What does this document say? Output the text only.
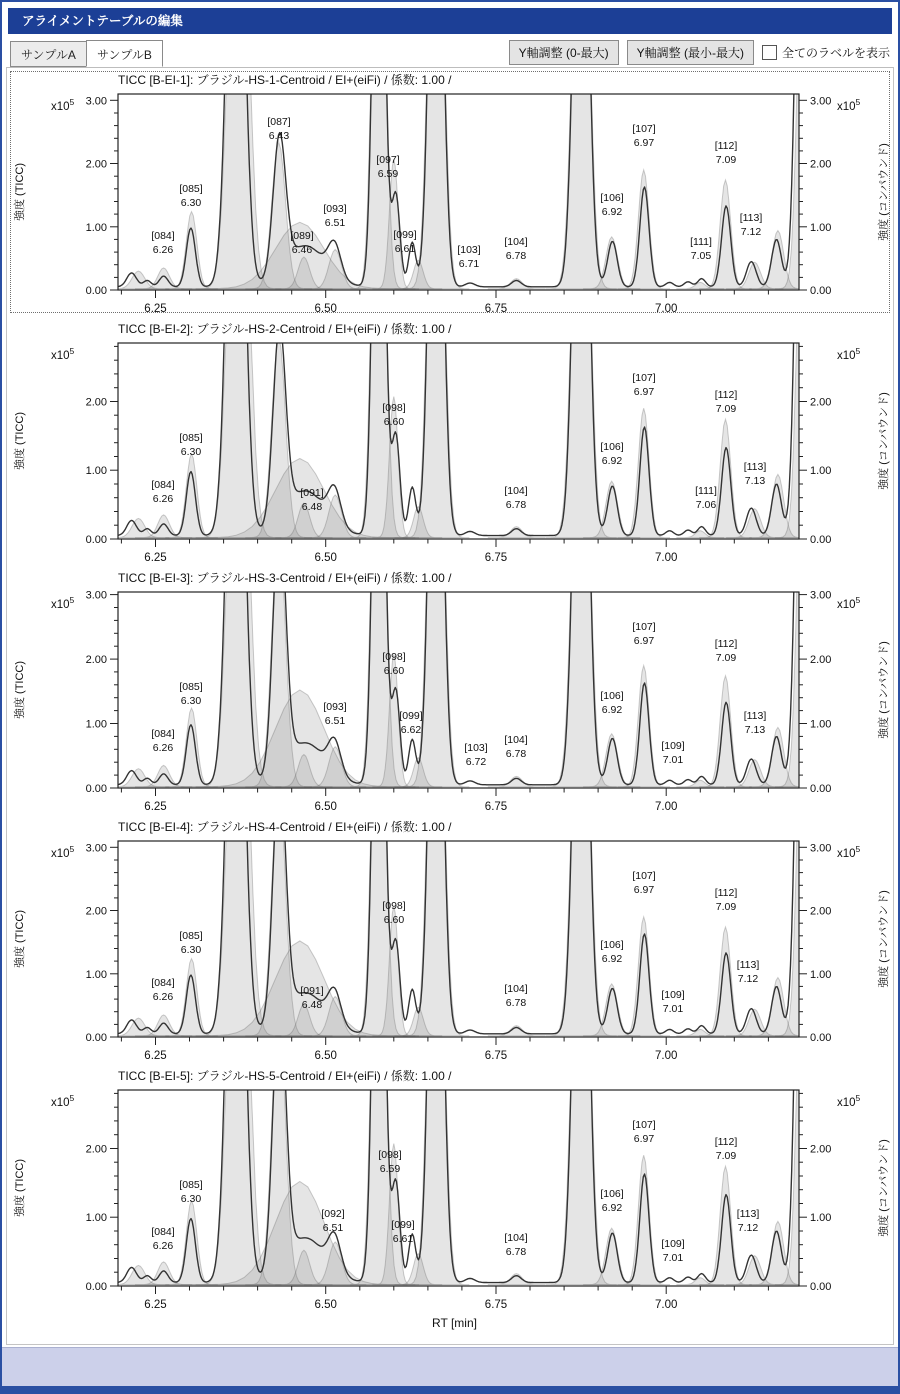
アライメントテーブルの編集
サンプルA	サンプルB	Y軸調整 (0-最大)	Y軸調整 (最小-最大)	全てのラベルを表示
TICC [B-EI-1]: ブラジル-HS-1-Centroid / EI+(eiFi) / 係数: 1.00 /
0.00	0.00
1.00	1.00
2.00	2.00
3.00	3.00
6.25	6.50	6.75	7.00
$x10^5$	$x10^5$
強度 (TICC)	強度 (コンパウンド)
[084]
6.26
[085]
6.30
[087]
6.43
[089]
6.46
[093]
6.51
[097]
6.59
[099]
6.61	[103]
6.71
[104]
6.78
[106]
6.92
[107]
6.97
[111]
7.05
[112]
7.09
[113]
7.12
TICC [B-EI-2]: ブラジル-HS-2-Centroid / EI+(eiFi) / 係数: 1.00 /
0.00	0.00
1.00	1.00
2.00	2.00
6.25	6.50	6.75	7.00
$x10^5$	$x10^5$
強度 (TICC)	強度 (コンパウンド)
[084]
6.26
[085]
6.30
[091]
6.48
[098]
6.60
[104]
6.78
[106]
6.92
[107]
6.97
[111]
7.06
[112]
7.09
[113]
7.13
TICC [B-EI-3]: ブラジル-HS-3-Centroid / EI+(eiFi) / 係数: 1.00 /
0.00	0.00
1.00	1.00
2.00	2.00
3.00	3.00
6.25	6.50	6.75	7.00
$x10^5$	$x10^5$
強度 (TICC)	強度 (コンパウンド)
[084]
6.26
[085]
6.30
[093]
6.51
[098]
6.60
[099]
6.62
[103]
6.72
[104]
6.78
[106]
6.92
[107]
6.97
[109]
7.01
[112]
7.09
[113]
7.13
TICC [B-EI-4]: ブラジル-HS-4-Centroid / EI+(eiFi) / 係数: 1.00 /
0.00	0.00
1.00	1.00
2.00	2.00
3.00	3.00
6.25	6.50	6.75	7.00
$x10^5$	$x10^5$
強度 (TICC)	強度 (コンパウンド)
[084]
6.26
[085]
6.30
[091]
6.48
[098]
6.60
[104]
6.78
[106]
6.92
[107]
6.97
[109]
7.01
[112]
7.09
[113]
7.12
TICC [B-EI-5]: ブラジル-HS-5-Centroid / EI+(eiFi) / 係数: 1.00 /
0.00	0.00
1.00	1.00
2.00	2.00
6.25	6.50	6.75	7.00
$x10^5$	$x10^5$
強度 (TICC)	強度 (コンパウンド)
[084]
6.26
[085]
6.30
[092]
6.51
[098]
6.59
[099]
6.61	[104]
6.78
[106]
6.92
[107]
6.97
[109]
7.01
[112]
7.09
[113]
7.12
RT [min]
